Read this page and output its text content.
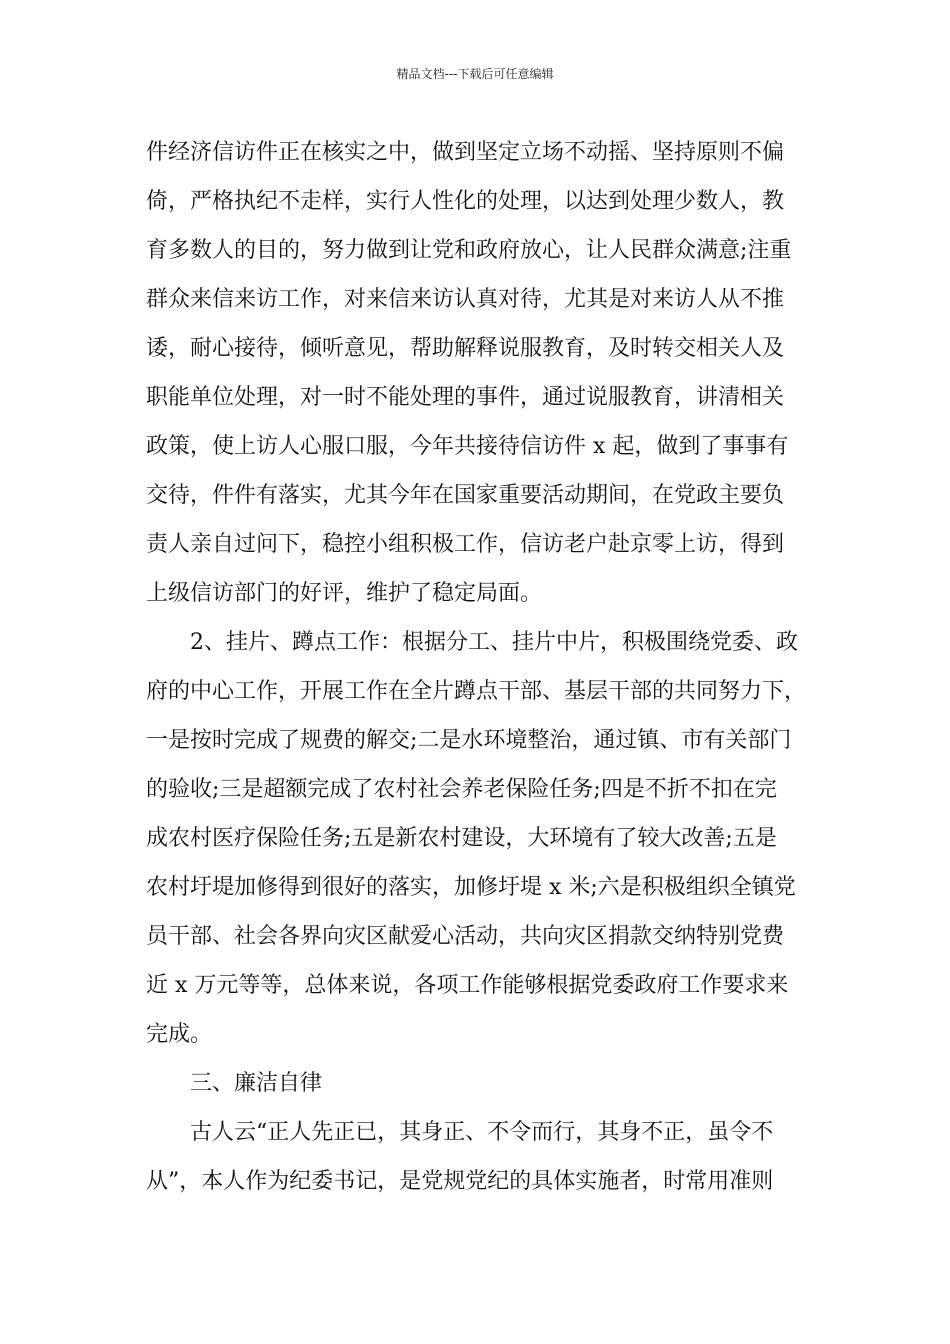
精品文档---下载后可任意编辑
件经济信访件正在核实之中，做到坚定立场不动摇、坚持原则不偏
倚，严格执纪不走样，实行人性化的处理，以达到处理少数人，教
育多数人的目的，努力做到让党和政府放心，让人民群众满意;注重
群众来信来访工作，对来信来访认真对待，尤其是对来访人从不推
诿，耐心接待，倾听意见，帮助解释说服教育，及时转交相关人及
职能单位处理，对一时不能处理的事件，通过说服教育，讲清相关
政策，使上访人心服口服，今年共接待信访件 x 起，做到了事事有
交待，件件有落实，尤其今年在国家重要活动期间，在党政主要负
责人亲自过问下，稳控小组积极工作，信访老户赴京零上访，得到
上级信访部门的好评，维护了稳定局面。
2、挂片、蹲点工作：根据分工、挂片中片，积极围绕党委、政
府的中心工作，开展工作在全片蹲点干部、基层干部的共同努力下，
一是按时完成了规费的解交;二是水环境整治，通过镇、市有关部门
的验收;三是超额完成了农村社会养老保险任务;四是不折不扣在完
成农村医疗保险任务;五是新农村建设，大环境有了较大改善;五是
农村圩堤加修得到很好的落实，加修圩堤 x 米;六是积极组织全镇党
员干部、社会各界向灾区献爱心活动，共向灾区捐款交纳特别党费
近 x 万元等等，总体来说，各项工作能够根据党委政府工作要求来
完成。
三、廉洁自律
古人云“正人先正已，其身正、不令而行，其身不正，虽令不
从”，本人作为纪委书记，是党规党纪的具体实施者，时常用准则
